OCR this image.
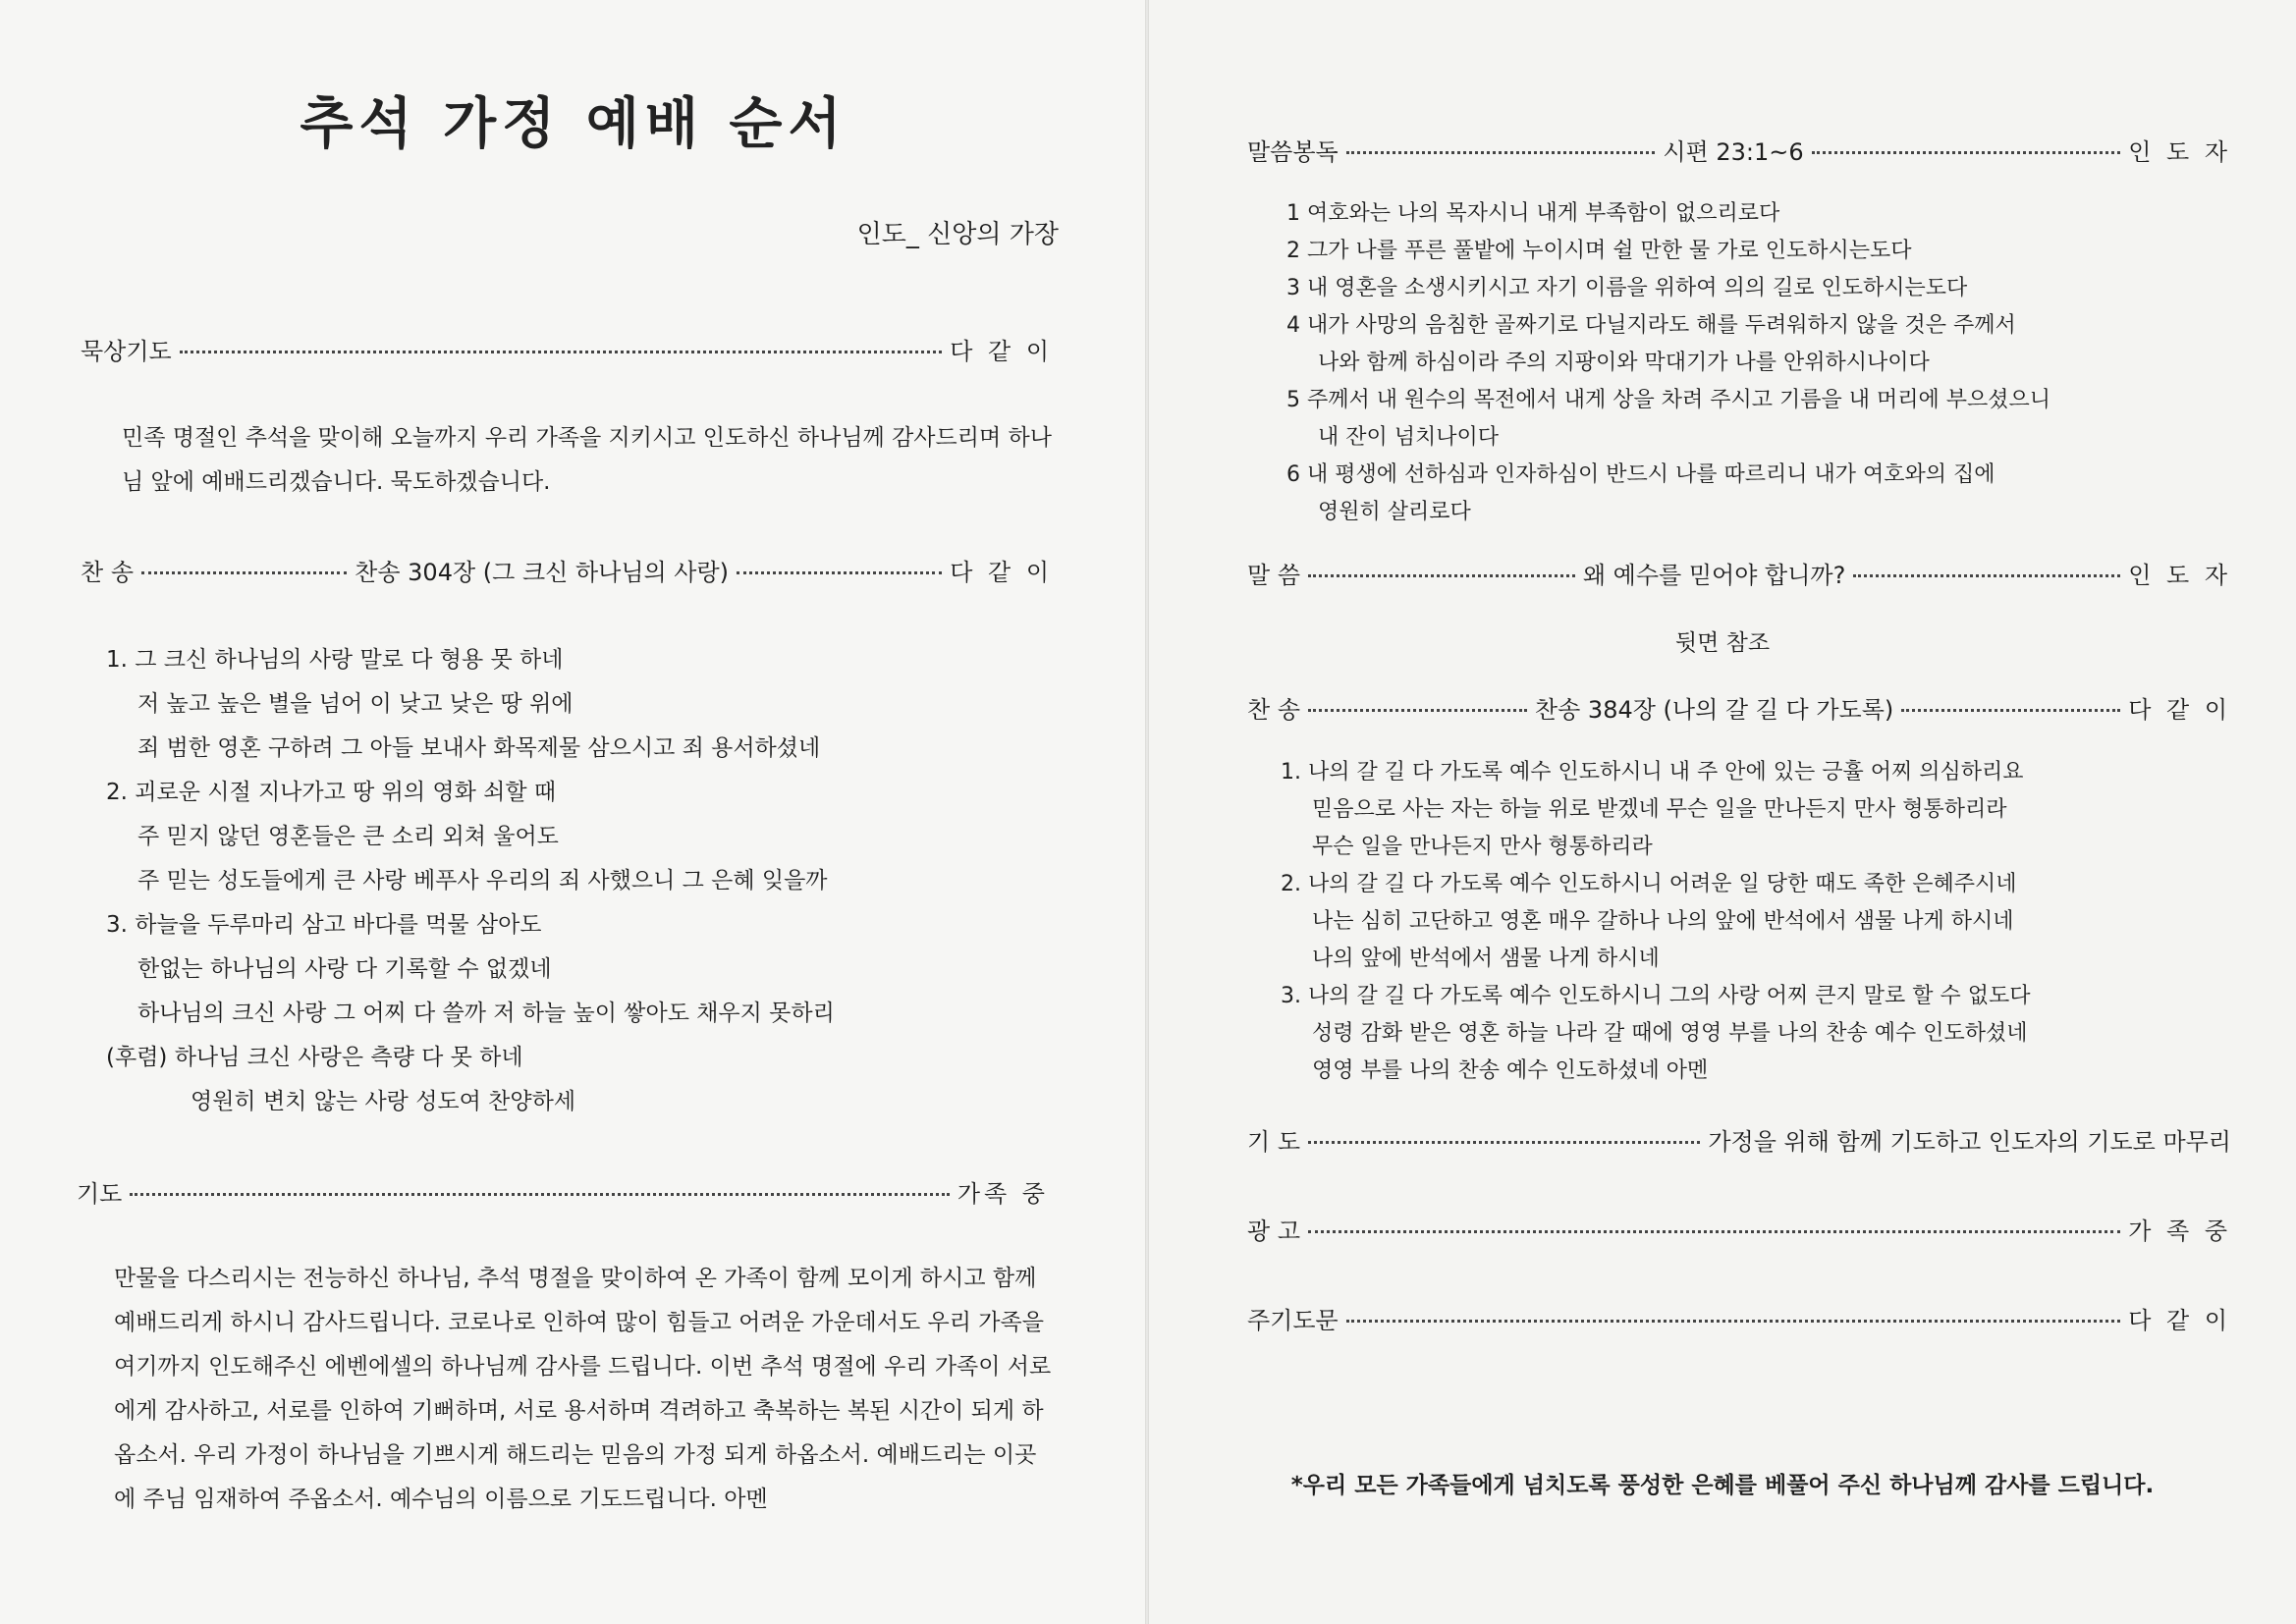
추석 가정 예배 순서

인도_ 신앙의 가장

묵상기도	다 같 이

민족 명절인 추석을 맞이해 오늘까지 우리 가족을 지키시고 인도하신 하나님께 감사드리며 하나님 앞에 예배드리겠습니다. 묵도하겠습니다.

찬 송	찬송 304장 (그 크신 하나님의 사랑)	다 같 이
1. 그 크신 하나님의 사랑 말로 다 형용 못 하네
저 높고 높은 별을 넘어 이 낮고 낮은 땅 위에
죄 범한 영혼 구하려 그 아들 보내사 화목제물 삼으시고 죄 용서하셨네
2. 괴로운 시절 지나가고 땅 위의 영화 쇠할 때
주 믿지 않던 영혼들은 큰 소리 외쳐 울어도
주 믿는 성도들에게 큰 사랑 베푸사 우리의 죄 사했으니 그 은혜 잊을까
3. 하늘을 두루마리 삼고 바다를 먹물 삼아도
한없는 하나님의 사랑 다 기록할 수 없겠네
하나님의 크신 사랑 그 어찌 다 쓸까 저 하늘 높이 쌓아도 채우지 못하리
(후렴) 하나님 크신 사랑은 측량 다 못 하네
영원히 변치 않는 사랑 성도여 찬양하세
기도	가족 중

만물을 다스리시는 전능하신 하나님, 추석 명절을 맞이하여 온 가족이 함께 모이게 하시고 함께 예배드리게 하시니 감사드립니다. 코로나로 인하여 많이 힘들고 어려운 가운데서도 우리 가족을 여기까지 인도해주신 에벤에셀의 하나님께 감사를 드립니다. 이번 추석 명절에 우리 가족이 서로에게 감사하고, 서로를 인하여 기뻐하며, 서로 용서하며 격려하고 축복하는 복된 시간이 되게 하옵소서. 우리 가정이 하나님을 기쁘시게 해드리는 믿음의 가정 되게 하옵소서. 예배드리는 이곳에 주님 임재하여 주옵소서. 예수님의 이름으로 기도드립니다. 아멘

말씀봉독	시편 23:1~6	인 도 자
1 여호와는 나의 목자시니 내게 부족함이 없으리로다
2 그가 나를 푸른 풀밭에 누이시며 쉴 만한 물 가로 인도하시는도다
3 내 영혼을 소생시키시고 자기 이름을 위하여 의의 길로 인도하시는도다
4 내가 사망의 음침한 골짜기로 다닐지라도 해를 두려워하지 않을 것은 주께서
나와 함께 하심이라 주의 지팡이와 막대기가 나를 안위하시나이다
5 주께서 내 원수의 목전에서 내게 상을 차려 주시고 기름을 내 머리에 부으셨으니
내 잔이 넘치나이다
6 내 평생에 선하심과 인자하심이 반드시 나를 따르리니 내가 여호와의 집에
영원히 살리로다
말 씀	왜 예수를 믿어야 합니까?	인 도 자
뒷면 참조
찬 송	찬송 384장 (나의 갈 길 다 가도록)	다 같 이
1. 나의 갈 길 다 가도록 예수 인도하시니 내 주 안에 있는 긍휼 어찌 의심하리요
믿음으로 사는 자는 하늘 위로 받겠네 무슨 일을 만나든지 만사 형통하리라
무슨 일을 만나든지 만사 형통하리라
2. 나의 갈 길 다 가도록 예수 인도하시니 어려운 일 당한 때도 족한 은혜주시네
나는 심히 고단하고 영혼 매우 갈하나 나의 앞에 반석에서 샘물 나게 하시네
나의 앞에 반석에서 샘물 나게 하시네
3. 나의 갈 길 다 가도록 예수 인도하시니 그의 사랑 어찌 큰지 말로 할 수 없도다
성령 감화 받은 영혼 하늘 나라 갈 때에 영영 부를 나의 찬송 예수 인도하셨네
영영 부를 나의 찬송 예수 인도하셨네 아멘
기 도	가정을 위해 함께 기도하고 인도자의 기도로 마무리
광 고	가 족 중
주기도문	다 같 이
*우리 모든 가족들에게 넘치도록 풍성한 은혜를 베풀어 주신 하나님께 감사를 드립니다.
